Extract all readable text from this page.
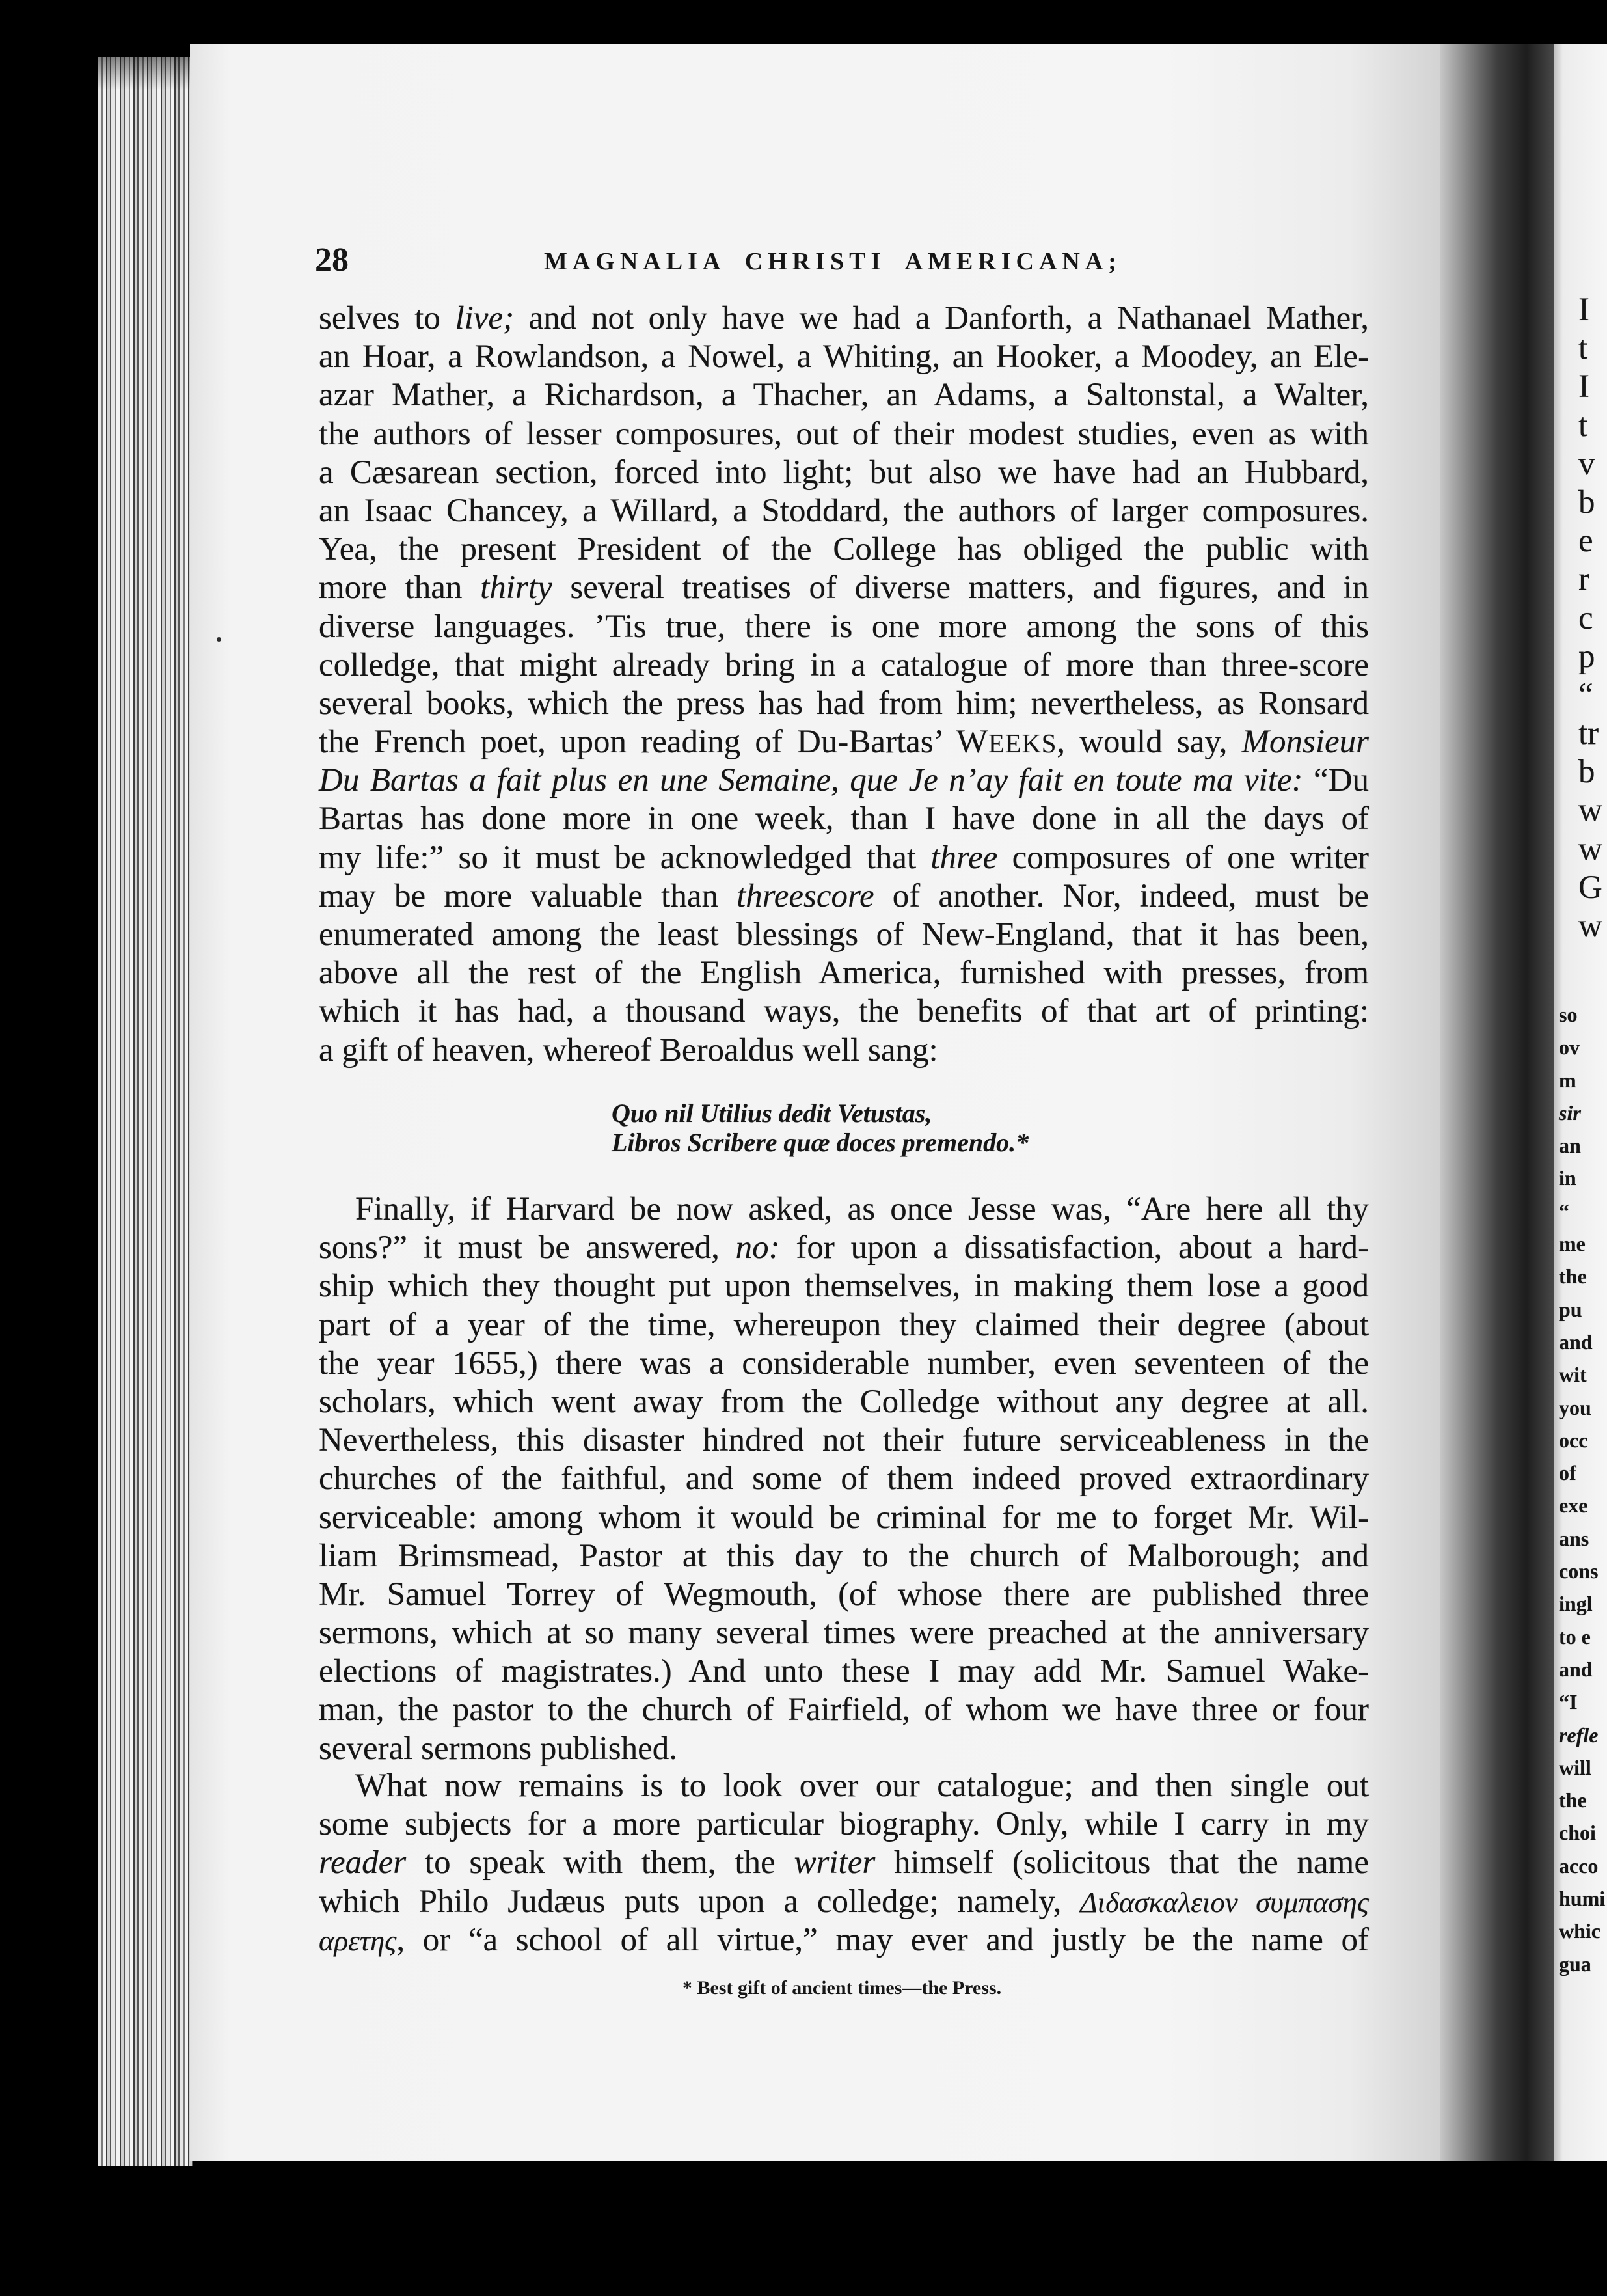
28	MAGNALIA CHRISTI AMERICANA;
selves to live; and not only have we had a Danforth, a Nathanael Mather,
an Hoar, a Rowlandson, a Nowel, a Whiting, an Hooker, a Moodey, an Ele-
azar Mather, a Richardson, a Thacher, an Adams, a Saltonstal, a Walter,
the authors of lesser composures, out of their modest studies, even as with
a Cæsarean section, forced into light; but also we have had an Hubbard,
an Isaac Chancey, a Willard, a Stoddard, the authors of larger composures.
Yea, the present President of the College has obliged the public with
more than thirty several treatises of diverse matters, and figures, and in
diverse languages. ’Tis true, there is one more among the sons of this
colledge, that might already bring in a catalogue of more than three-score
several books, which the press has had from him; nevertheless, as Ronsard
the French poet, upon reading of Du-Bartas’ WEEKS, would say, Monsieur
Du Bartas a fait plus en une Semaine, que Je n’ay fait en toute ma vite: “Du
Bartas has done more in one week, than I have done in all the days of
my life:” so it must be acknowledged that three composures of one writer
may be more valuable than threescore of another. Nor, indeed, must be
enumerated among the least blessings of New-England, that it has been,
above all the rest of the English America, furnished with presses, from
which it has had, a thousand ways, the benefits of that art of printing:
a gift of heaven, whereof Beroaldus well sang:
Quo nil Utilius dedit Vetustas,
Libros Scribere quæ doces premendo.*
Finally, if Harvard be now asked, as once Jesse was, “Are here all thy
sons?” it must be answered, no: for upon a dissatisfaction, about a hard-
ship which they thought put upon themselves, in making them lose a good
part of a year of the time, whereupon they claimed their degree (about
the year 1655,) there was a considerable number, even seventeen of the
scholars, which went away from the Colledge without any degree at all.
Nevertheless, this disaster hindred not their future serviceableness in the
churches of the faithful, and some of them indeed proved extraordinary
serviceable: among whom it would be criminal for me to forget Mr. Wil-
liam Brimsmead, Pastor at this day to the church of Malborough; and
Mr. Samuel Torrey of Wegmouth, (of whose there are published three
sermons, which at so many several times were preached at the anniversary
elections of magistrates.) And unto these I may add Mr. Samuel Wake-
man, the pastor to the church of Fairfield, of whom we have three or four
several sermons published.
What now remains is to look over our catalogue; and then single out
some subjects for a more particular biography. Only, while I carry in my
reader to speak with them, the writer himself (solicitous that the name
which Philo Judæus puts upon a colledge; namely, Διδασκαλειον συμπασης
αρετης, or “a school of all virtue,” may ever and justly be the name of
* Best gift of ancient times—the Press.
I
t
I
t
v
b
e
r
c
p
“
tr
b
w
w
G
w
so
ov
m
sir
an
in
“
me
the
pu
and
wit
you
occ
of
exe
ans
cons
ingl
to e
and
“I
refle
will
the
choi
acco
humi
whic
gua
